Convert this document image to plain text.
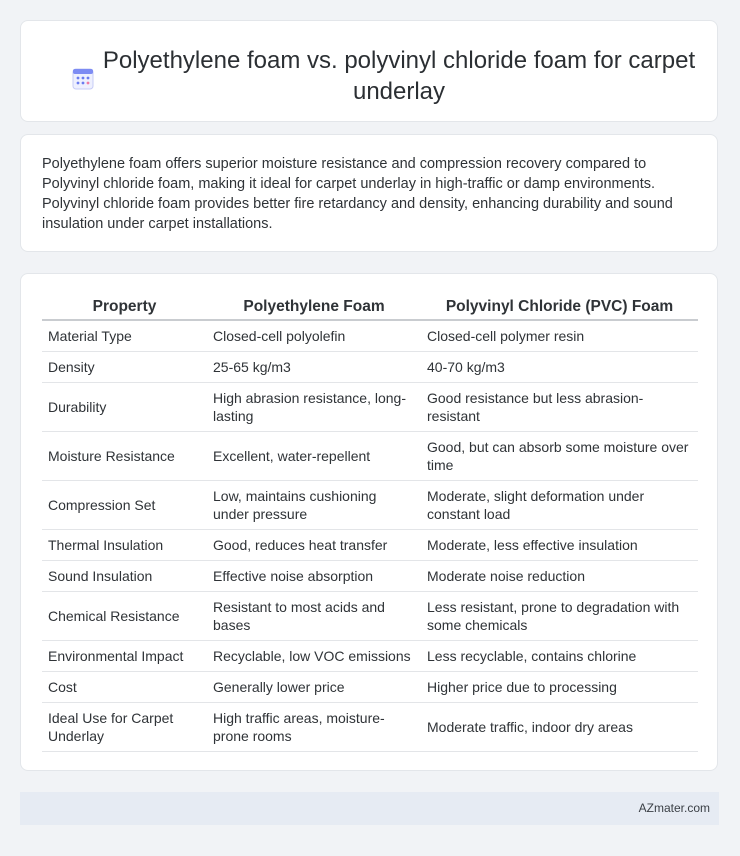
Polyethylene foam vs. polyvinyl chloride foam for carpet underlay
Polyethylene foam offers superior moisture resistance and compression recovery compared to Polyvinyl chloride foam, making it ideal for carpet underlay in high-traffic or damp environments. Polyvinyl chloride foam provides better fire retardancy and density, enhancing durability and sound insulation under carpet installations.
Property	Polyethylene Foam	Polyvinyl Chloride (PVC) Foam
Material Type	Closed-cell polyolefin	Closed-cell polymer resin
Density	25-65 kg/m3	40-70 kg/m3
Durability	High abrasion resistance, long-lasting	Good resistance but less abrasion-resistant
Moisture Resistance	Excellent, water-repellent	Good, but can absorb some moisture over time
Compression Set	Low, maintains cushioning under pressure	Moderate, slight deformation under constant load
Thermal Insulation	Good, reduces heat transfer	Moderate, less effective insulation
Sound Insulation	Effective noise absorption	Moderate noise reduction
Chemical Resistance	Resistant to most acids and bases	Less resistant, prone to degradation with some chemicals
Environmental Impact	Recyclable, low VOC emissions	Less recyclable, contains chlorine
Cost	Generally lower price	Higher price due to processing
Ideal Use for Carpet Underlay	High traffic areas, moisture-prone rooms	Moderate traffic, indoor dry areas
AZmater.com
